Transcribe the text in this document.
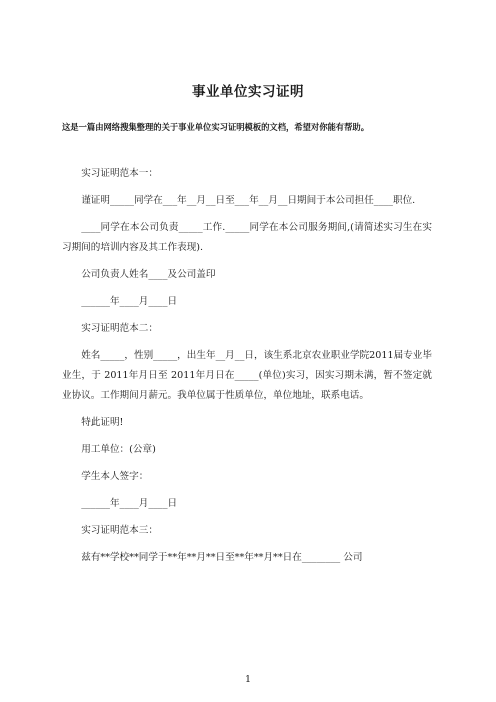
事业单位实习证明
这是一篇由网络搜集整理的关于事业单位实习证明模板的文档，希望对你能有帮助。

实习证明范本一：

谨证明_____同学在___年__月__日至___年__月__日期间于本公司担任____职位.

____同学在本公司负责_____工作._____同学在本公司服务期间,(请简述实习生在实习期间的培训内容及其工作表现).

公司负责人姓名____及公司盖印

______年____月____日

实习证明范本二：

姓名_____，性别_____，出生年__月__日，该生系北京农业职业学院2011届专业毕业生，于 2011年月日至 2011年月日在_____(单位)实习，因实习期未满，暂不签定就业协议。工作期间月薪元。我单位属于性质单位，单位地址，联系电话。

特此证明!

用工单位：(公章)

学生本人签字：

______年____月____日

实习证明范本三：

兹有**学校**同学于**年**月**日至**年**月**日在________ 公司

1
